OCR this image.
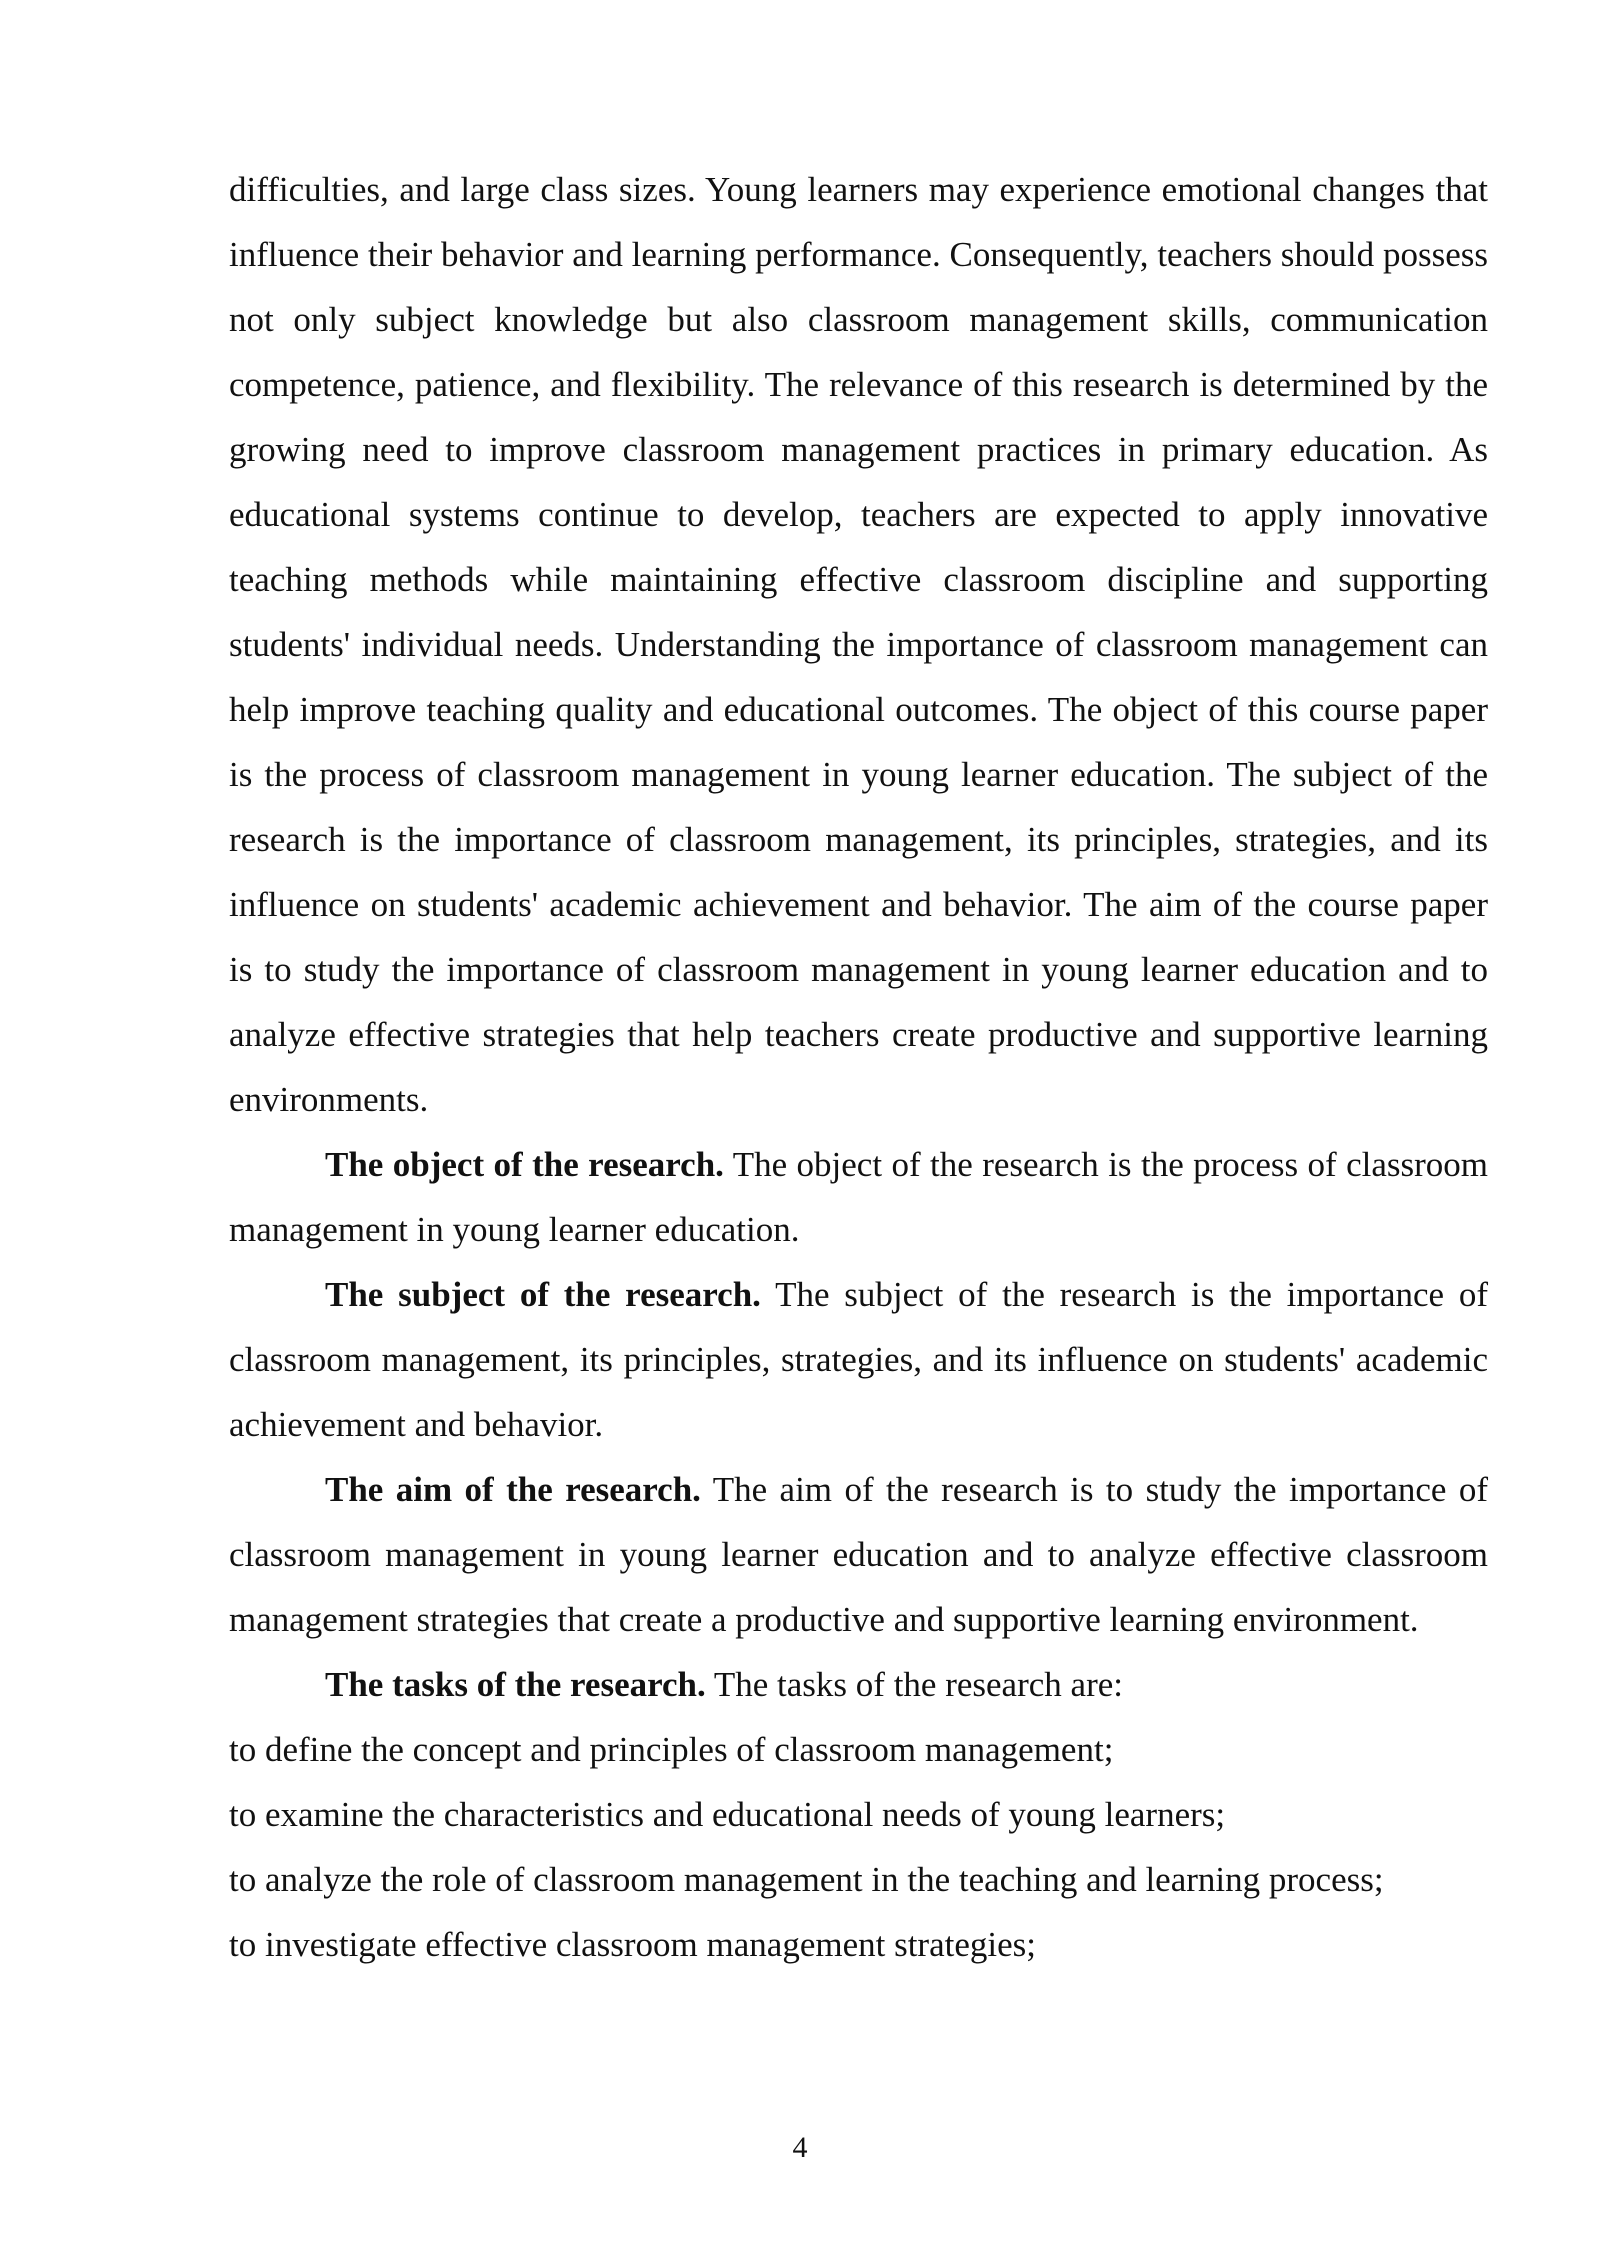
difficulties, and large class sizes. Young learners may experience emotional changes that influence their behavior and learning performance. Consequently, teachers should possess not only subject knowledge but also classroom management skills, communication competence, patience, and flexibility. The relevance of this research is determined by the growing need to improve classroom management practices in primary education. As educational systems continue to develop, teachers are expected to apply innovative teaching methods while maintaining effective classroom discipline and supporting students' individual needs. Understanding the importance of classroom management can help improve teaching quality and educational outcomes. The object of this course paper is the process of classroom management in young learner education. The subject of the research is the importance of classroom management, its principles, strategies, and its influence on students' academic achievement and behavior. The aim of the course paper is to study the importance of classroom management in young learner education and to analyze effective strategies that help teachers create productive and supportive learning environments.

The object of the research. The object of the research is the process of classroom management in young learner education.

The subject of the research. The subject of the research is the importance of classroom management, its principles, strategies, and its influence on students' academic achievement and behavior.

The aim of the research. The aim of the research is to study the importance of classroom management in young learner education and to analyze effective classroom management strategies that create a productive and supportive learning environment.

The tasks of the research. The tasks of the research are:

to define the concept and principles of classroom management;
to examine the characteristics and educational needs of young learners;
to analyze the role of classroom management in the teaching and learning process;
to investigate effective classroom management strategies;
4
